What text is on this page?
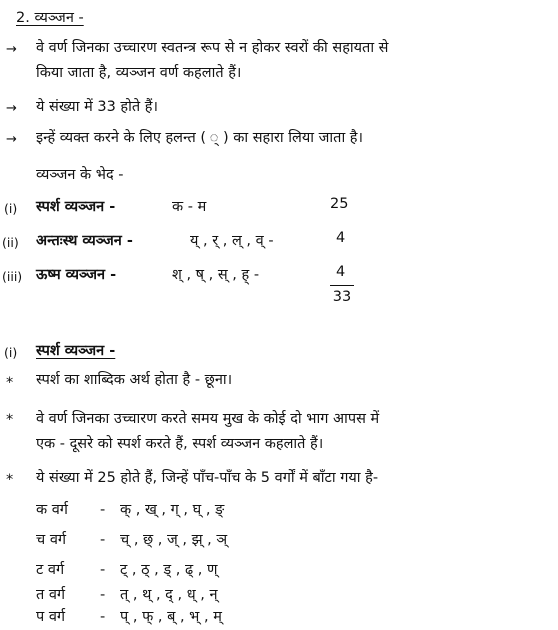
2. व्यञ्जन -
→ वे वर्ण जिनका उच्चारण स्वतन्त्र रूप से न होकर स्वरों की सहायता से
किया जाता है, व्यञ्जन वर्ण कहलाते हैं।
→ ये संख्या में 33 होते हैं।
→ इन्हें व्यक्त करने के लिए हलन्त ( ् ) का सहारा लिया जाता है।
व्यञ्जन के भेद -
(i) स्पर्श व्यञ्जन -	क - म	25
(ii) अन्तःस्थ व्यञ्जन -	य् , र् , ल् , व् -	4
(iii) ऊष्म व्यञ्जन -	श् , ष् , स् , ह् -	4
33
(i) स्पर्श व्यञ्जन -
* स्पर्श का शाब्दिक अर्थ होता है - छूना।
* वे वर्ण जिनका उच्चारण करते समय मुख के कोई दो भाग आपस में
एक - दूसरे को स्पर्श करते हैं, स्पर्श व्यञ्जन कहलाते हैं।
* ये संख्या में 25 होते हैं, जिन्हें पाँच-पाँच के 5 वर्गों में बाँटा गया है-
क वर्ग - क् , ख् , ग् , घ् , ङ्
च वर्ग - च् , छ् , ज् , झ् , ञ्
ट वर्ग - ट् , ठ् , ड् , ढ् , ण्
त वर्ग - त् , थ् , द् , ध् , न्
प वर्ग - प् , फ् , ब् , भ् , म्
